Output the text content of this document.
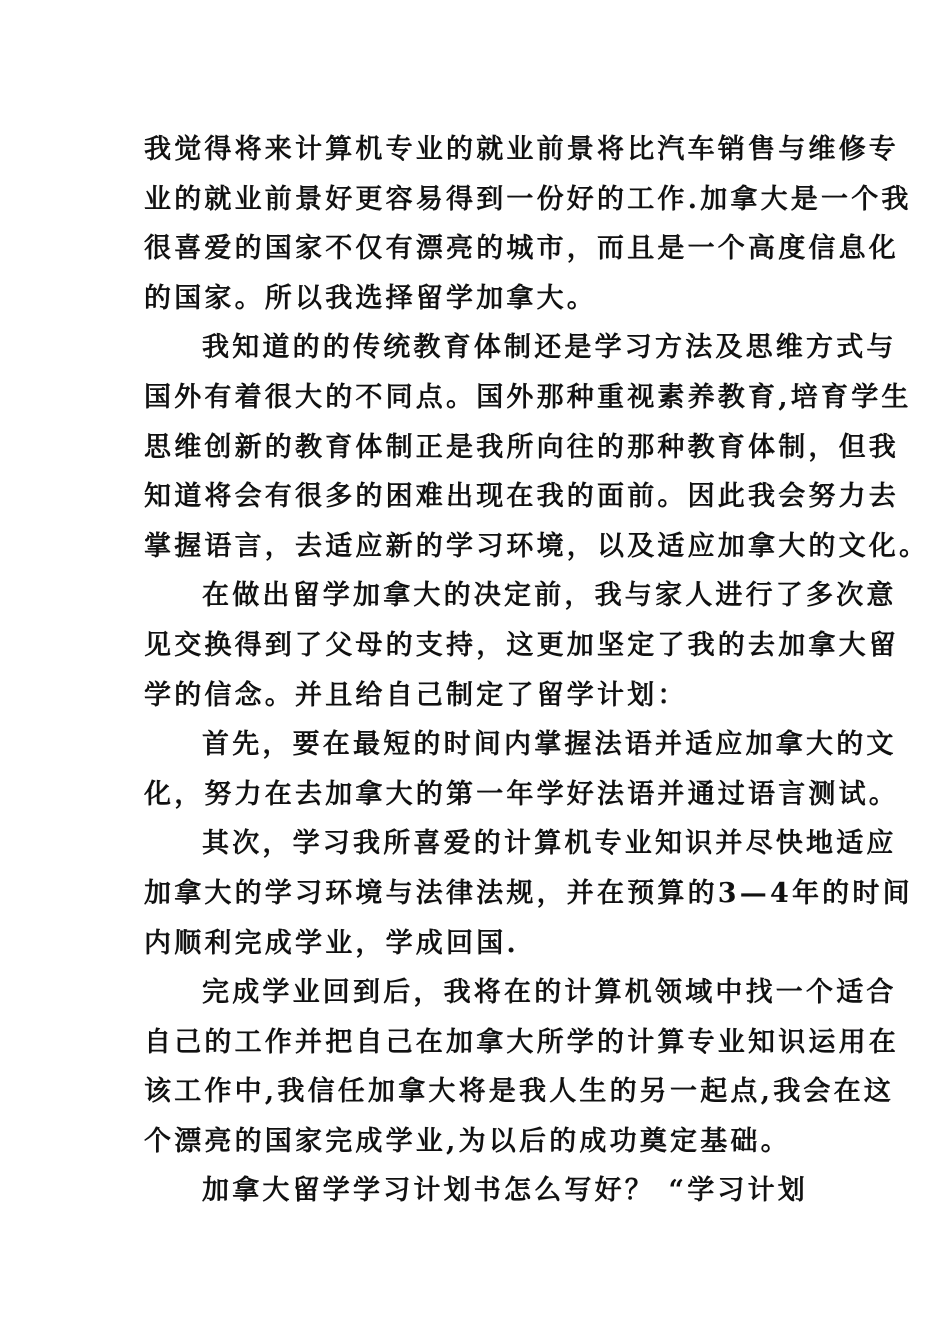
我觉得将来计算机专业的就业前景将比汽车销售与维修专
业的就业前景好更容易得到一份好的工作.加拿大是一个我
很喜爱的国家不仅有漂亮的城市，而且是一个高度信息化
的国家。所以我选择留学加拿大。
我知道的的传统教育体制还是学习方法及思维方式与
国外有着很大的不同点。国外那种重视素养教育,培育学生
思维创新的教育体制正是我所向往的那种教育体制，但我
知道将会有很多的困难出现在我的面前。因此我会努力去
掌握语言，去适应新的学习环境，以及适应加拿大的文化。
在做出留学加拿大的决定前，我与家人进行了多次意
见交换得到了父母的支持，这更加坚定了我的去加拿大留
学的信念。并且给自己制定了留学计划：
首先，要在最短的时间内掌握法语并适应加拿大的文
化，努力在去加拿大的第一年学好法语并通过语言测试。
其次，学习我所喜爱的计算机专业知识并尽快地适应
加拿大的学习环境与法律法规，并在预算的3—4年的时间
内顺利完成学业，学成回国.
完成学业回到后，我将在的计算机领域中找一个适合
自己的工作并把自己在加拿大所学的计算专业知识运用在
该工作中,我信任加拿大将是我人生的另一起点,我会在这
个漂亮的国家完成学业,为以后的成功奠定基础。
加拿大留学学习计划书怎么写好？ “学习计划
